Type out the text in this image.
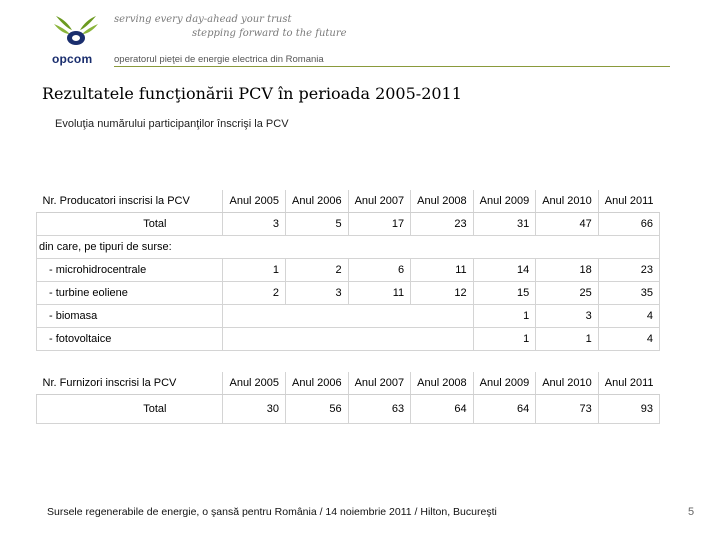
opcom
serving every day-ahead your trust
stepping forward to the future
operatorul pieţei de energie electrica din Romania
Rezultatele funcţionării PCV în perioada 2005-2011
Evoluţia numărului participanţilor înscrişi la PCV
Nr. Producatori inscrisi la PCV	Anul 2005	Anul 2006	Anul 2007	Anul 2008	Anul 2009	Anul 2010	Anul 2011
Total	3	5	17	23	31	47	66
din care, pe tipuri de surse:							
- microhidrocentrale	1	2	6	11	14	18	23
- turbine eoliene	2	3	11	12	15	25	35
- biomasa					1	3	4
- fotovoltaice					1	1	4
Nr. Furnizori inscrisi la PCV	Anul 2005	Anul 2006	Anul 2007	Anul 2008	Anul 2009	Anul 2010	Anul 2011
Total	30	56	63	64	64	73	93
Sursele regenerabile de energie, o şansă pentru România / 14 noiembrie 2011 / Hilton, Bucureşti	5
